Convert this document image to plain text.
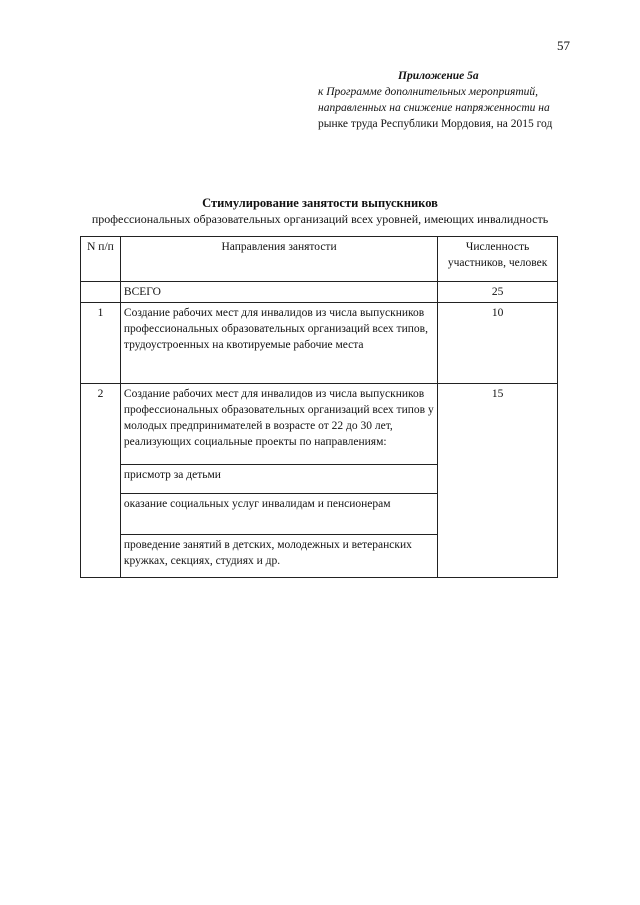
57
Приложение 5а
к Программе дополнительных мероприятий,
направленных на снижение напряженности на
рынке труда Республики Мордовия, на 2015 год
Стимулирование занятости выпускников
профессиональных образовательных организаций всех уровней, имеющих инвалидность
N п/п	Направления занятости	Численность участников, человек
	ВСЕГО	25
1	Создание рабочих мест для инвалидов из числа выпускников профессиональных образовательных организаций всех типов, трудоустроенных на квотируемые рабочие места	10
2	Создание рабочих мест для инвалидов из числа выпускников профессиональных образовательных организаций всех типов у молодых предпринимателей в возрасте от 22 до 30 лет, реализующих социальные проекты по направлениям:	15
	присмотр за детьми	
	оказание социальных услуг инвалидам и пенсионерам	
	проведение занятий в детских, молодежных и ветеранских кружках, секциях, студиях и др.	
